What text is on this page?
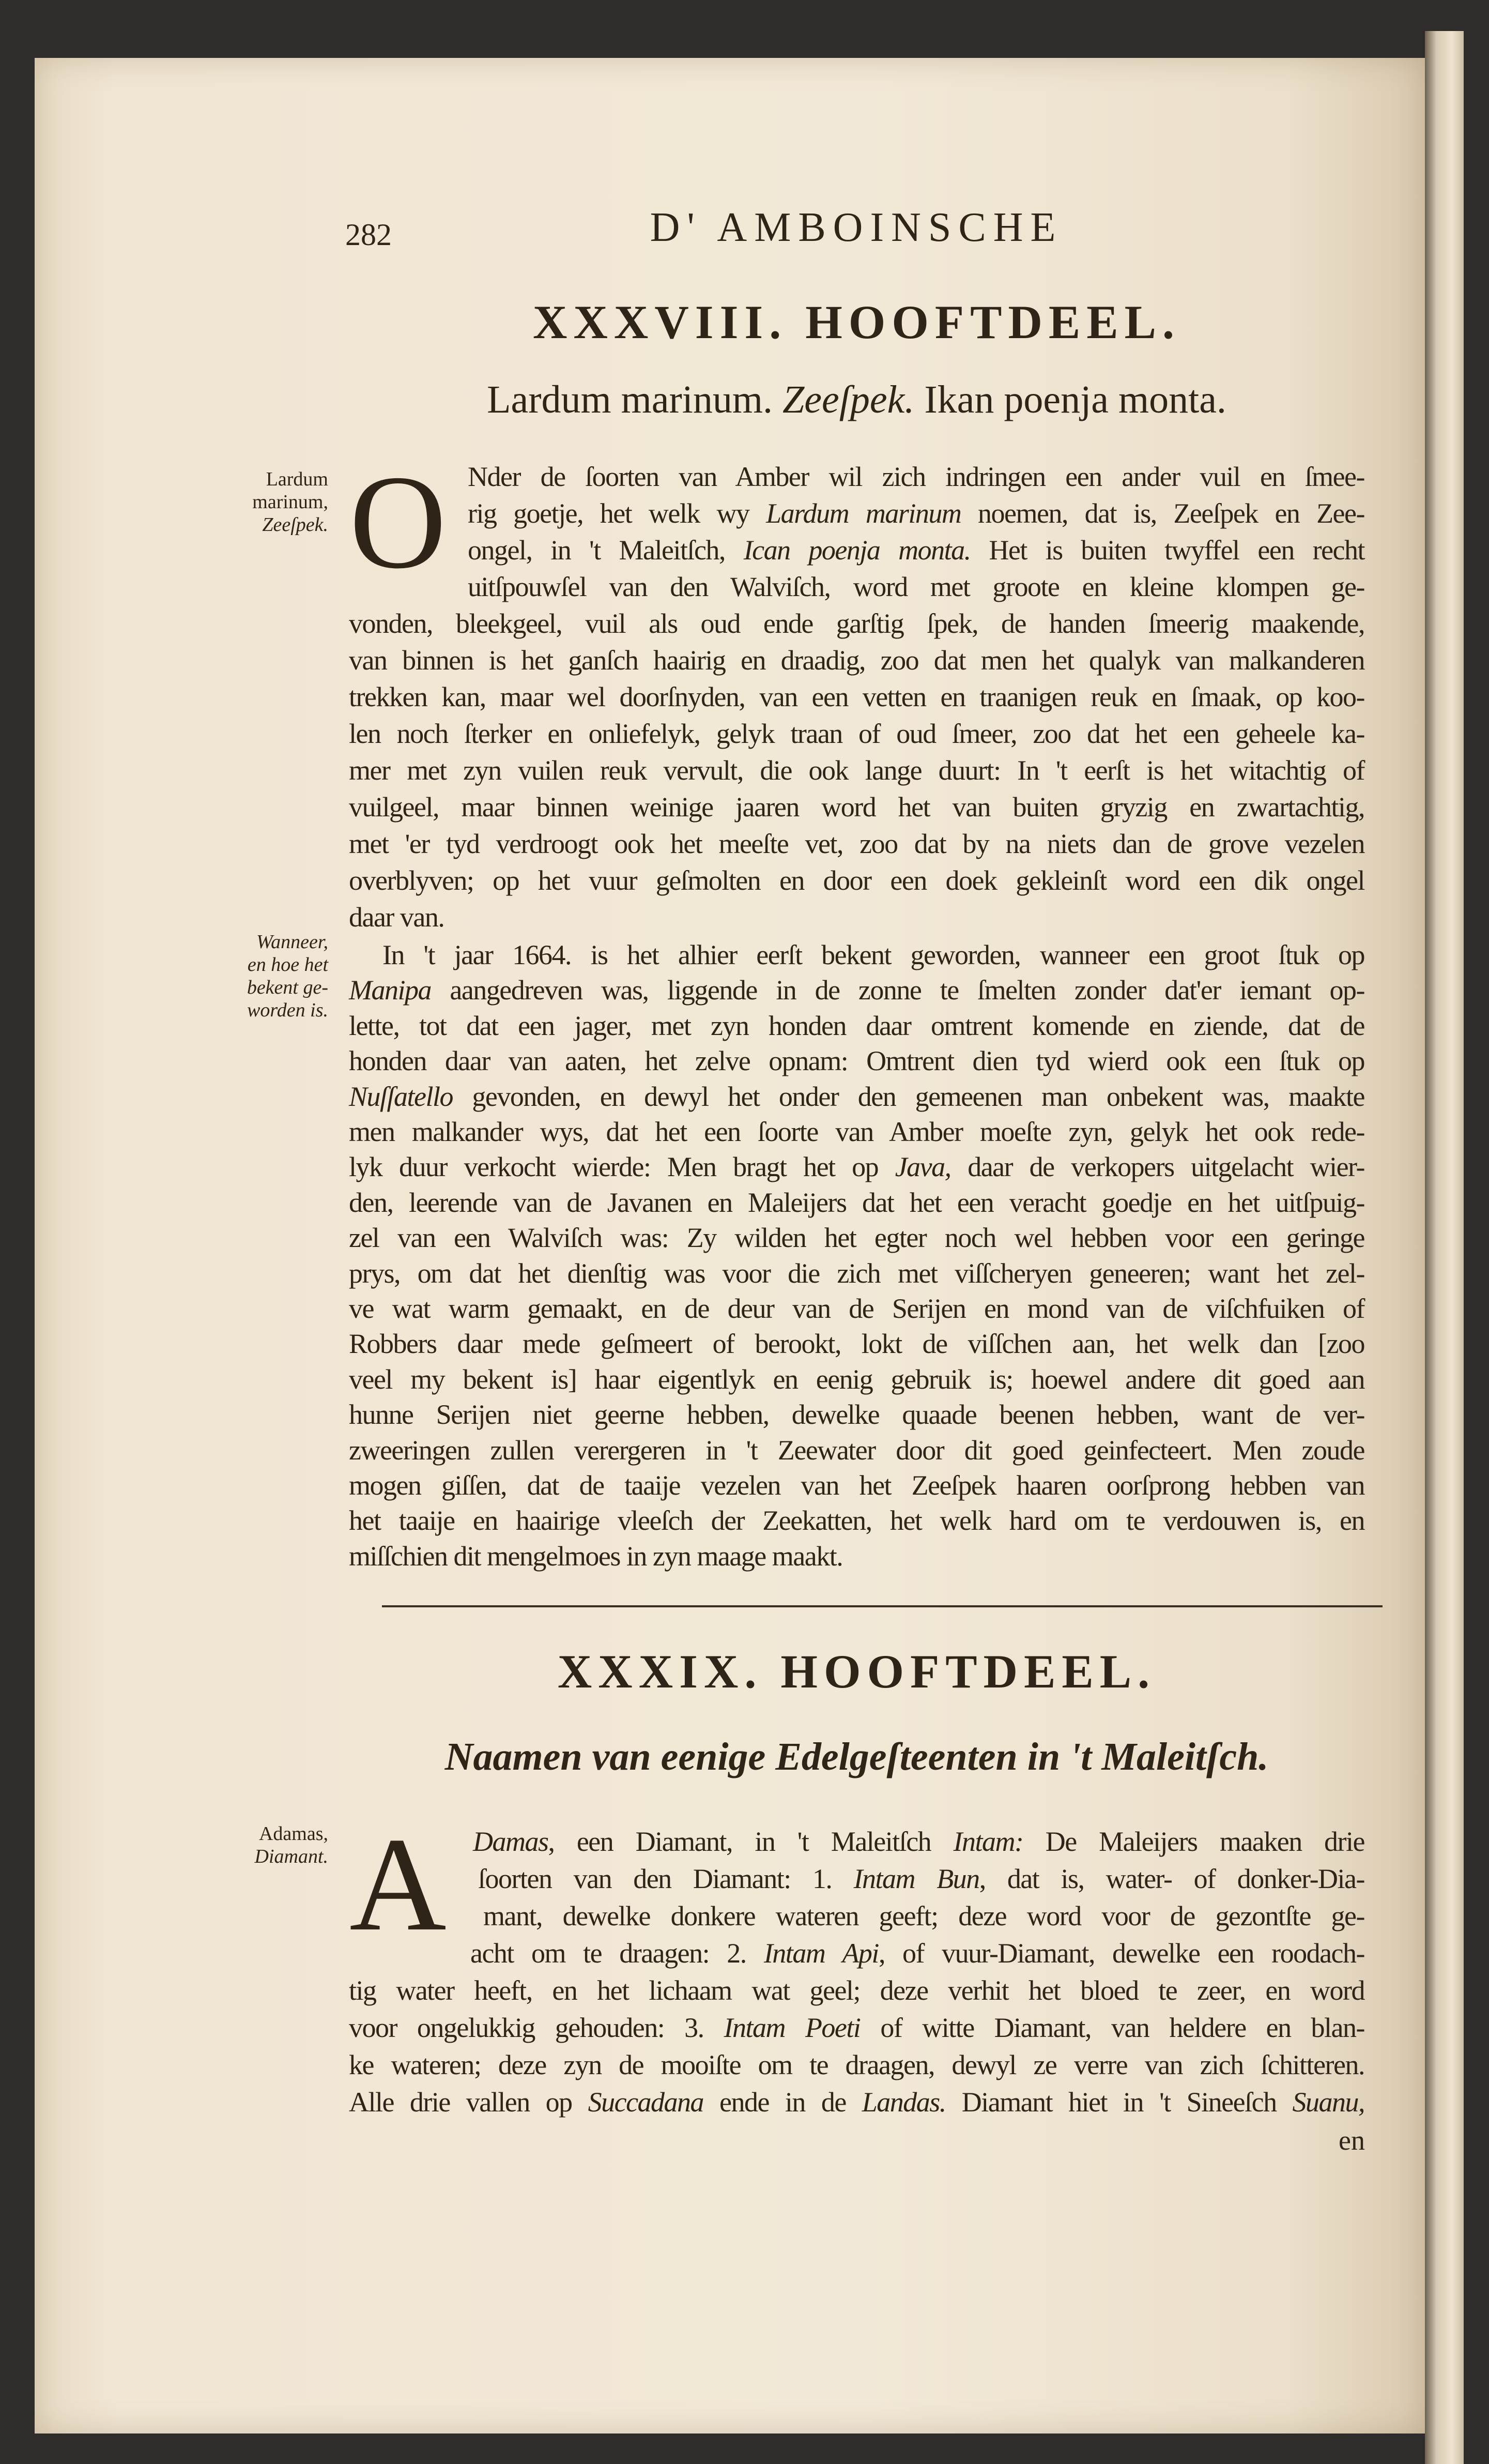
282	D' AMBOINSCHE
XXXVIII. HOOFTDEEL.
Lardum marinum. Zeeſpek. Ikan poenja monta.
O Nder de ſoorten van Amber wil zich indringen een ander vuil en ſmee-
rig goetje, het welk wy Lardum marinum noemen, dat is, Zeeſpek en Zee-
ongel, in 't Maleitſch, Ican poenja monta. Het is buiten twyffel een recht
uitſpouwſel van den Walviſch, word met groote en kleine klompen ge-
vonden, bleekgeel, vuil als oud ende garſtig ſpek, de handen ſmeerig maakende,
van binnen is het ganſch haairig en draadig, zoo dat men het qualyk van malkanderen
trekken kan, maar wel doorſnyden, van een vetten en traanigen reuk en ſmaak, op koo-
len noch ſterker en onliefelyk, gelyk traan of oud ſmeer, zoo dat het een geheele ka-
mer met zyn vuilen reuk vervult, die ook lange duurt: In 't eerſt is het witachtig of
vuilgeel, maar binnen weinige jaaren word het van buiten gryzig en zwartachtig,
met 'er tyd verdroogt ook het meeſte vet, zoo dat by na niets dan de grove vezelen
overblyven; op het vuur geſmolten en door een doek gekleinſt word een dik ongel
daar van.
In 't jaar 1664. is het alhier eerſt bekent geworden, wanneer een groot ſtuk op
Manipa aangedreven was, liggende in de zonne te ſmelten zonder dat'er iemant op-
lette, tot dat een jager, met zyn honden daar omtrent komende en ziende, dat de
honden daar van aaten, het zelve opnam: Omtrent dien tyd wierd ook een ſtuk op
Nuſſatello gevonden, en dewyl het onder den gemeenen man onbekent was, maakte
men malkander wys, dat het een ſoorte van Amber moeſte zyn, gelyk het ook rede-
lyk duur verkocht wierde: Men bragt het op Java, daar de verkopers uitgelacht wier-
den, leerende van de Javanen en Maleijers dat het een veracht goedje en het uitſpuig-
zel van een Walviſch was: Zy wilden het egter noch wel hebben voor een geringe
prys, om dat het dienſtig was voor die zich met viſſcheryen geneeren; want het zel-
ve wat warm gemaakt, en de deur van de Serijen en mond van de viſchfuiken of
Robbers daar mede geſmeert of berookt, lokt de viſſchen aan, het welk dan [zoo
veel my bekent is] haar eigentlyk en eenig gebruik is; hoewel andere dit goed aan
hunne Serijen niet geerne hebben, dewelke quaade beenen hebben, want de ver-
zweeringen zullen verergeren in 't Zeewater door dit goed geinfecteert. Men zoude
mogen giſſen, dat de taaije vezelen van het Zeeſpek haaren oorſprong hebben van
het taaije en haairige vleeſch der Zeekatten, het welk hard om te verdouwen is, en
miſſchien dit mengelmoes in zyn maage maakt.
XXXIX. HOOFTDEEL.
Naamen van eenige Edelgeſteenten in 't Maleitſch.
A Damas, een Diamant, in 't Maleitſch Intam: De Maleijers maaken drie
ſoorten van den Diamant: 1. Intam Bun, dat is, water- of donker-Dia-
mant, dewelke donkere wateren geeft; deze word voor de gezontſte ge-
acht om te draagen: 2. Intam Api, of vuur-Diamant, dewelke een roodach-
tig water heeft, en het lichaam wat geel; deze verhit het bloed te zeer, en word
voor ongelukkig gehouden: 3. Intam Poeti of witte Diamant, van heldere en blan-
ke wateren; deze zyn de mooiſte om te draagen, dewyl ze verre van zich ſchitteren.
Alle drie vallen op Succadana ende in de Landas. Diamant hiet in 't Sineeſch Suanu,
en
Lardum
marinum,
Zeeſpek.
Wanneer,
en hoe het
bekent ge-
worden is.
Adamas,
Diamant.
